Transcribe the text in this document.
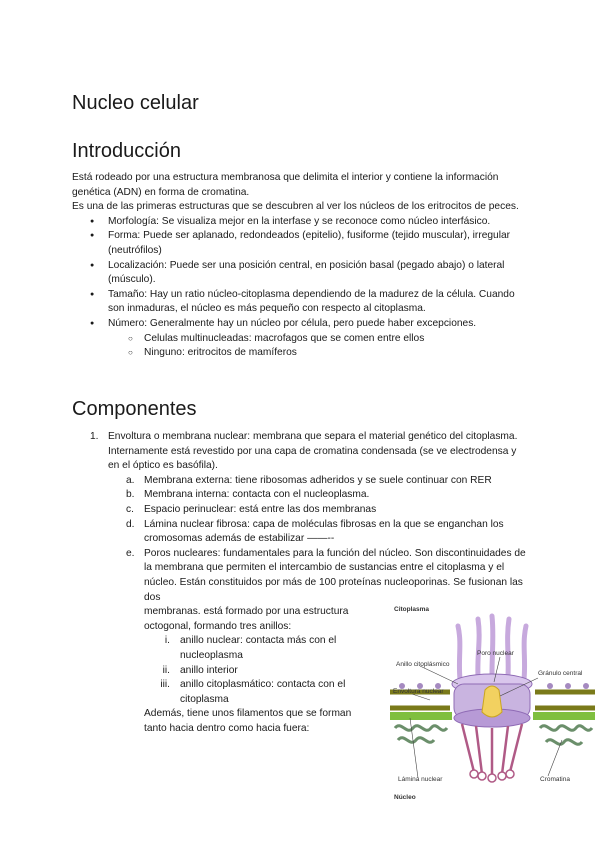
Nucleo celular
Introducción

Está rodeado por una estructura membranosa que delimita el interior y contiene la información genética (ADN) en forma de cromatina.

Es una de las primeras estructuras que se descubren al ver los núcleos de los eritrocitos de peces.

● Morfología: Se visualiza mejor en la interfase y se reconoce como núcleo interfásico.
● Forma: Puede ser aplanado, redondeados (epitelio), fusiforme (tejido muscular), irregular (neutrófilos)
● Localización: Puede ser una posición central, en posición basal (pegado abajo) o lateral (músculo).
● Tamaño: Hay un ratio núcleo-citoplasma dependiendo de la madurez de la célula. Cuando son inmaduras, el núcleo es más pequeño con respecto al citoplasma.
● Número: Generalmente hay un núcleo por célula, pero puede haber excepciones.
○ Celulas multinucleadas: macrofagos que se comen entre ellos
○ Ninguno: eritrocitos de mamíferos
Componentes
1. Envoltura o membrana nuclear: membrana que separa el material genético del citoplasma. Internamente está revestido por una capa de cromatina condensada (se ve electrodensa y en el óptico es basófila).
a. Membrana externa: tiene ribosomas adheridos y se suele continuar con RER
b. Membrana interna: contacta con el nucleoplasma.
c. Espacio perinuclear: está entre las dos membranas
d. Lámina nuclear fibrosa: capa de moléculas fibrosas en la que se enganchan los cromosomas además de estabilizar ——--
e. Poros nucleares: fundamentales para la función del núcleo. Son discontinuidades de la membrana que permiten el intercambio de sustancias entre el citoplasma y el núcleo. Están constituidos por más de 100 proteínas nucleoporinas. Se fusionan las dos
membranas. está formado por una estructura octogonal, formando tres anillos:
i. anillo nuclear: contacta más con el nucleoplasma
ii. anillo interior
iii. anillo citoplasmático: contacta con el citoplasma
Además, tiene unos filamentos que se forman tanto hacia dentro como hacia fuera:
Citoplasma
Poro nuclear
Anillo citoplásmico
Gránulo central
Envoltura nuclear
Lámina nuclear	Cromatina
Núcleo
